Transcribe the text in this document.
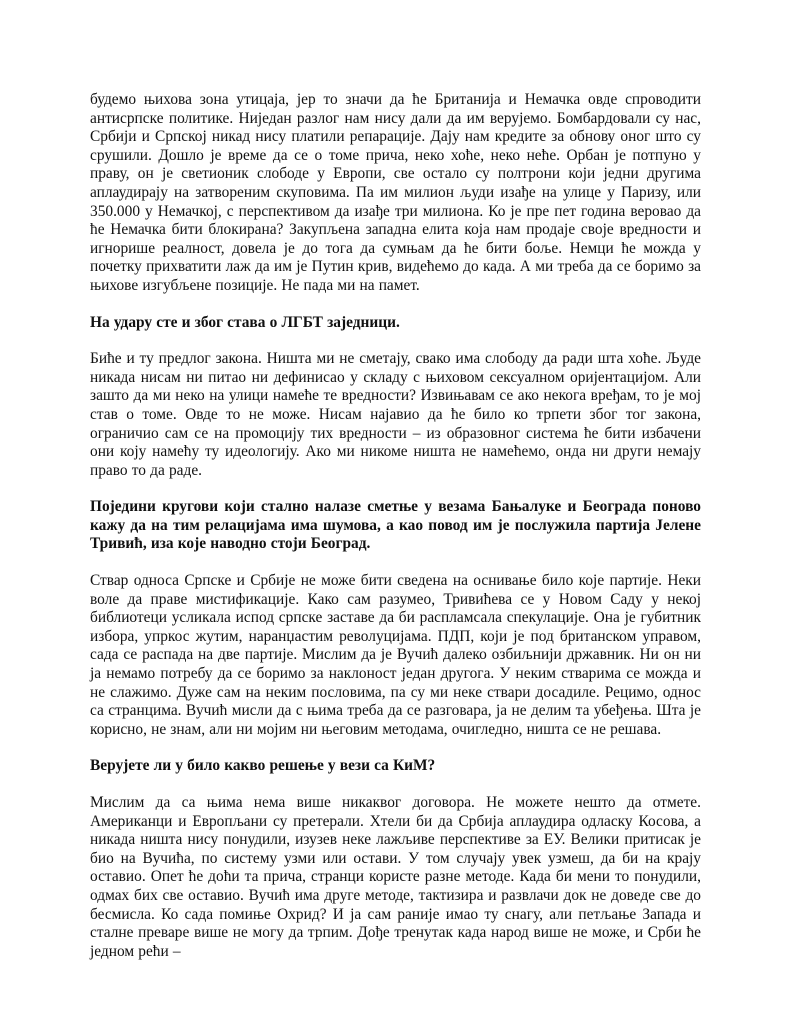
будемо њихова зона утицаја, јер то значи да ће Британија и Немачка овде спроводити антисрпске политике. Ниједан разлог нам нису дали да им верујемо. Бомбардовали су нас, Србији и Српској никад нису платили репарације. Дају нам кредите за обнову оног што су срушили. Дошло је време да се о томе прича, неко хоће, неко неће. Орбан је потпуно у праву, он је светионик слободе у Европи, све остало су полтрони који једни другима аплаудирају на затвореним скуповима. Па им милион људи изађе на улице у Паризу, или 350.000 у Немачкој, с перспективом да изађе три милиона. Ко је пре пет година веровао да ће Немачка бити блокирана? Закупљена западна елита која нам продаје своје вредности и игнорише реалност, довела је до тога да сумњам да ће бити боље. Немци ће можда у почетку прихватити лаж да им је Путин крив, видећемо до када. А ми треба да се боримо за њихове изгубљене позиције. Не пада ми на памет.

На удару сте и због става о ЛГБТ заједници.

Биће и ту предлог закона. Ништа ми не сметају, свако има слободу да ради шта хоће. Људе никада нисам ни питао ни дефинисао у складу с њиховом сексуалном оријентацијом. Али зашто да ми неко на улици намеће те вредности? Извињавам се ако некога вређам, то је мој став о томе. Овде то не може. Нисам најавио да ће било ко трпети због тог закона, ограничио сам се на промоцију тих вредности – из образовног система ће бити избачени они коју намећу ту идеологију. Ако ми никоме ништа не намећемо, онда ни други немају право то да раде.

Поједини кругови који стално налазе сметње у везама Бањалуке и Београда поново кажу да на тим релацијама има шумова, а као повод им је послужила партија Јелене Тривић, иза које наводно стоји Београд.

Ствар односа Српске и Србије не може бити сведена на оснивање било које партије. Неки воле да праве мистификације. Како сам разумео, Тривићева се у Новом Саду у некој библиотеци усликала испод српске заставе да би распламсала спекулације. Она је губитник избора, упркос жутим, наранџастим револуцијама. ПДП, који је под британском управом, сада се распада на две партије. Мислим да је Вучић далеко озбиљнији државник. Ни он ни ја немамо потребу да се боримо за наклоност један другога. У неким стварима се можда и не слажимо. Дуже сам на неким пословима, па су ми неке ствари досадиле. Рецимо, однос са странцима. Вучић мисли да с њима треба да се разговара, ја не делим та убеђења. Шта је корисно, не знам, али ни мојим ни његовим методама, очигледно, ништа се не решава.

Верујете ли у било какво решење у вези са КиМ?

Мислим да са њима нема више никаквог договора. Не можете нешто да отмете. Американци и Европљани су претерали. Хтели би да Србија аплаудира одласку Косова, а никада ништа нису понудили, изузев неке лажљиве перспективе за ЕУ. Велики притисак је био на Вучића, по систему узми или остави. У том случају увек узмеш, да би на крају оставио. Опет ће доћи та прича, странци користе разне методе. Када би мени то понудили, одмах бих све оставио. Вучић има друге методе, тактизира и развлачи док не доведе све до бесмисла. Ко сада помиње Охрид? И ја сам раније имао ту снагу, али петљање Запада и сталне преваре више не могу да трпим. Дође тренутак када народ више не може, и Срби ће једном рећи –
